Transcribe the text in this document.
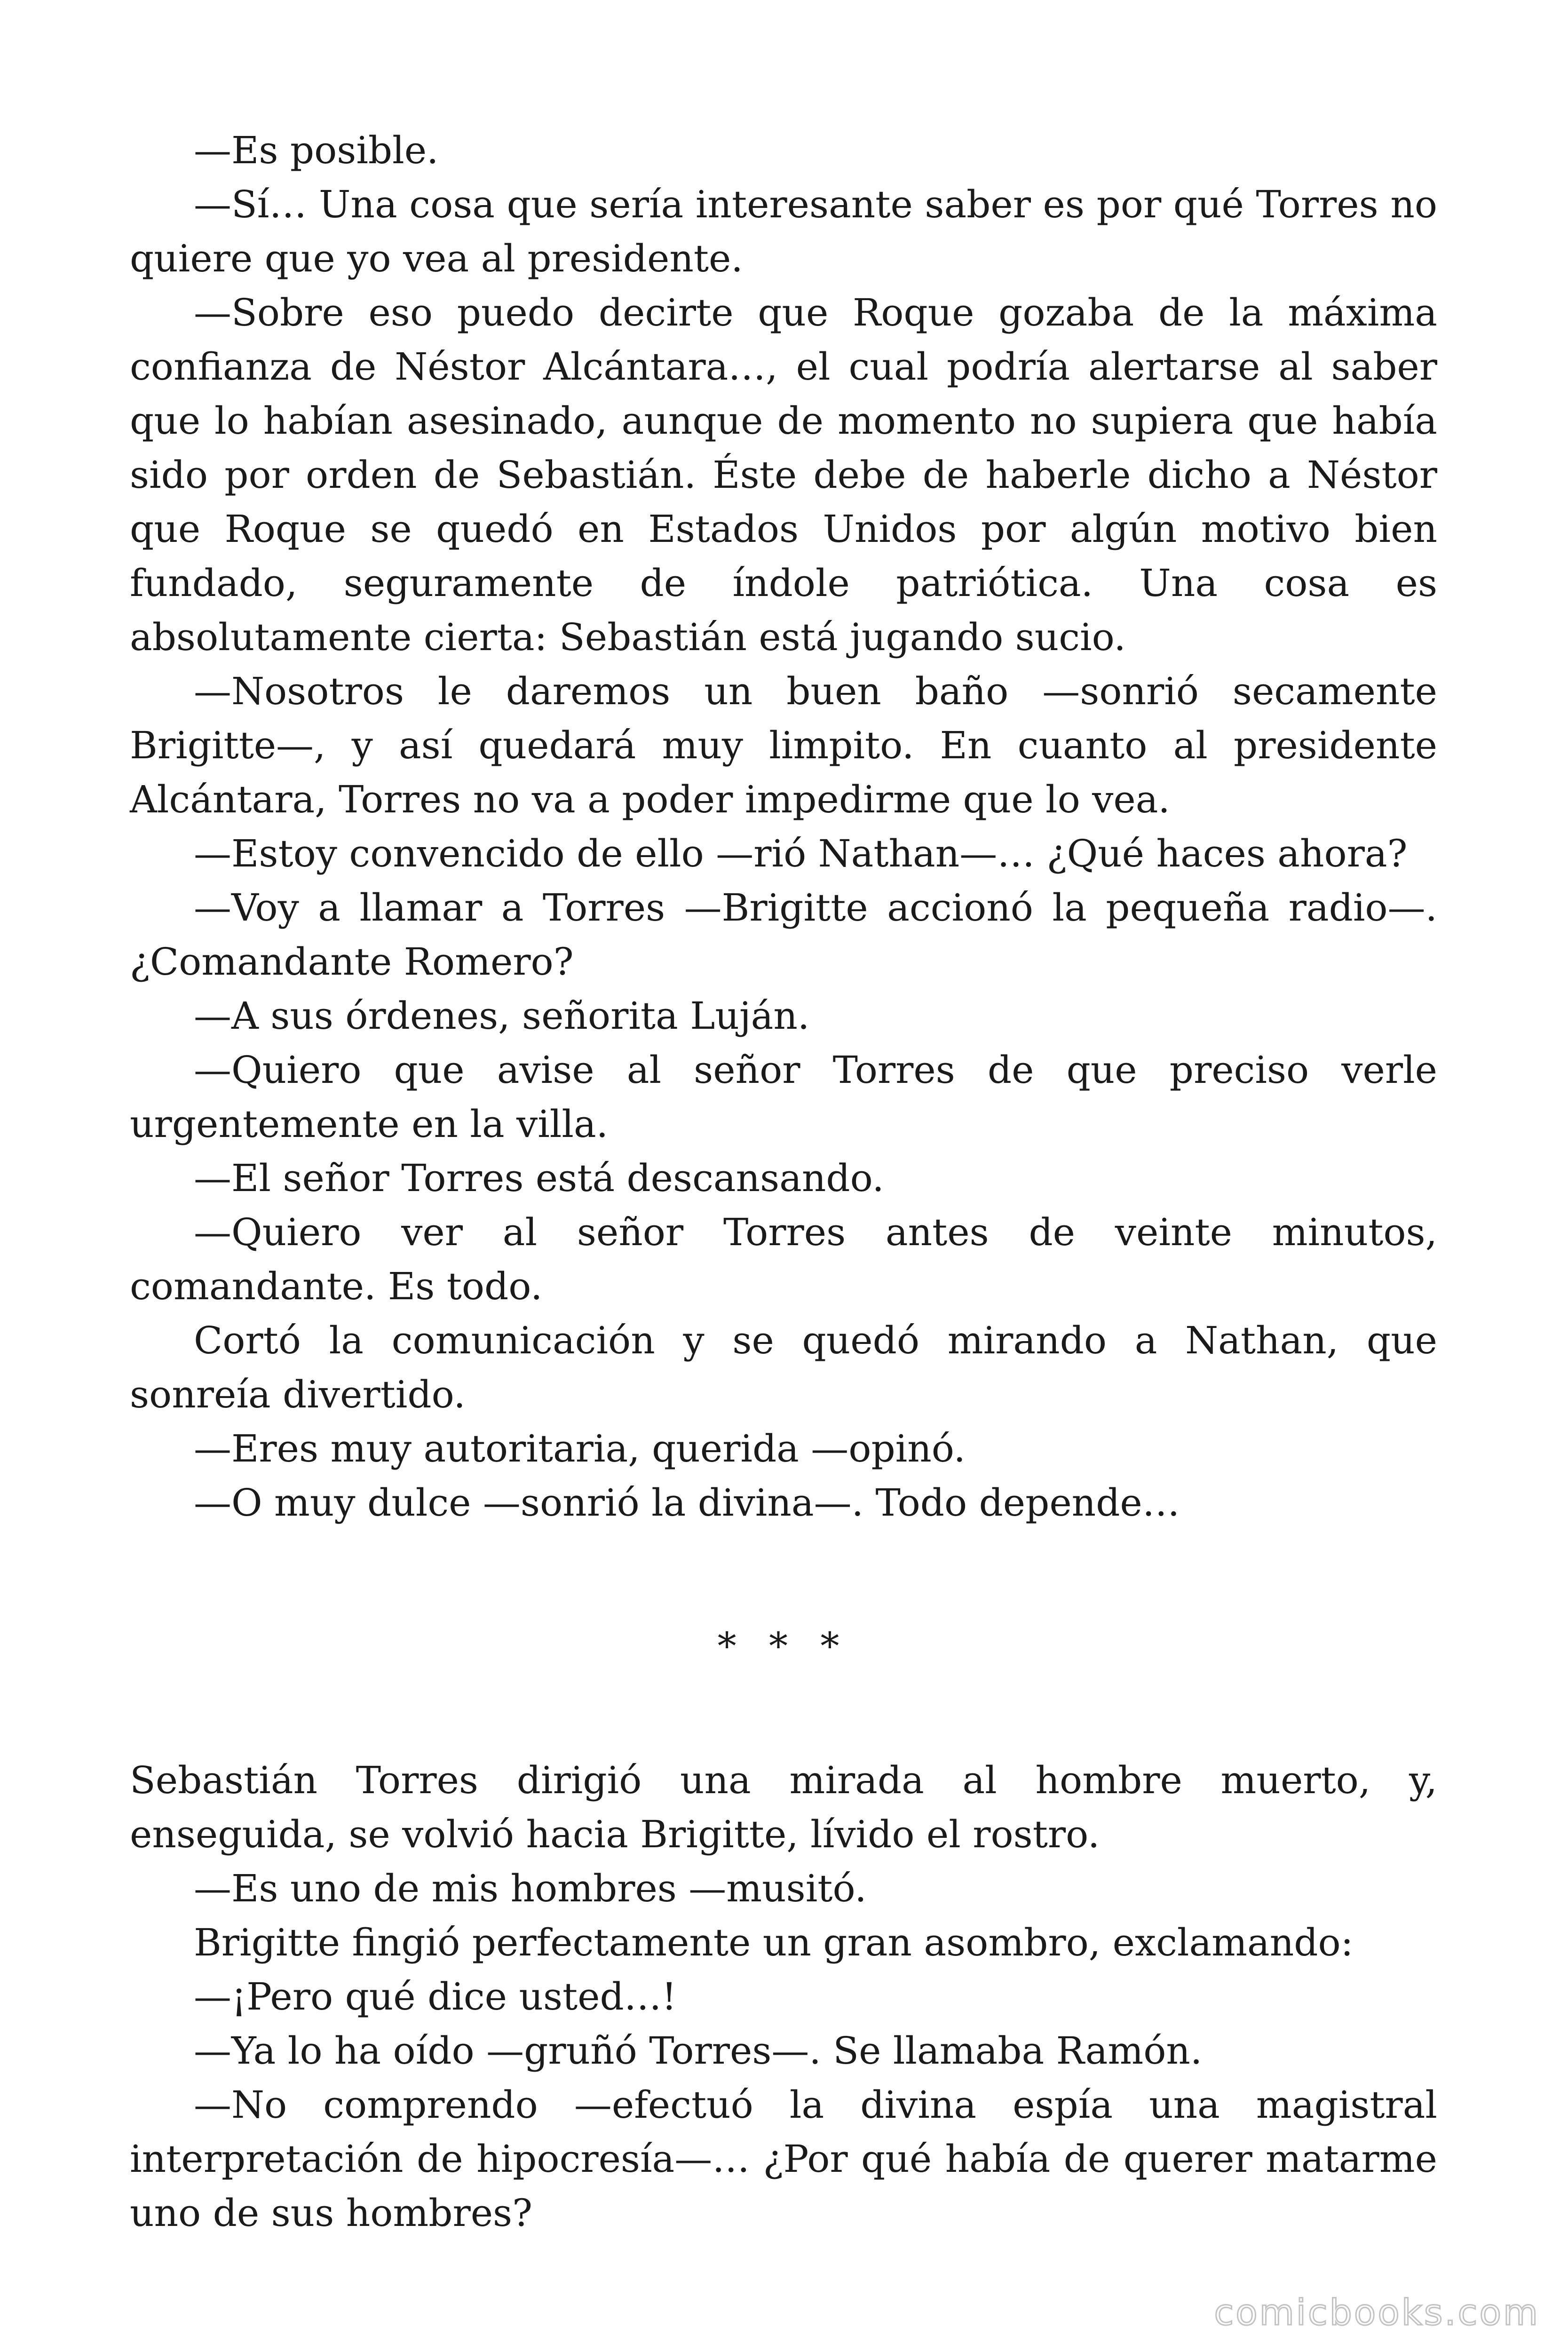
—Es posible.

—Sí… Una cosa que sería interesante saber es por qué Torres no quiere que yo vea al presidente.

—Sobre eso puedo decirte que Roque gozaba de la máxima confianza de Néstor Alcántara…, el cual podría alertarse al saber que lo habían asesinado, aunque de momento no supiera que había sido por orden de Sebastián. Éste debe de haberle dicho a Néstor que Roque se quedó en Estados Unidos por algún motivo bien fundado, seguramente de índole patriótica. Una cosa es absolutamente cierta: Sebastián está jugando sucio.

—Nosotros le daremos un buen baño —sonrió secamente Brigitte—, y así quedará muy limpito. En cuanto al presidente Alcántara, Torres no va a poder impedirme que lo vea.

—Estoy convencido de ello —rió Nathan—… ¿Qué haces ahora?

—Voy a llamar a Torres —Brigitte accionó la pequeña radio—. ¿Comandante Romero?

—A sus órdenes, señorita Luján.

—Quiero que avise al señor Torres de que preciso verle urgentemente en la villa.

—El señor Torres está descansando.

—Quiero ver al señor Torres antes de veinte minutos, comandante. Es todo.

Cortó la comunicación y se quedó mirando a Nathan, que sonreía divertido.

—Eres muy autoritaria, querida —opinó.

—O muy dulce —sonrió la divina—. Todo depende…

* * *

Sebastián Torres dirigió una mirada al hombre muerto, y, enseguida, se volvió hacia Brigitte, lívido el rostro.

—Es uno de mis hombres —musitó.

Brigitte fingió perfectamente un gran asombro, exclamando:

—¡Pero qué dice usted…!

—Ya lo ha oído —gruñó Torres—. Se llamaba Ramón.

—No comprendo —efectuó la divina espía una magistral interpretación de hipocresía—… ¿Por qué había de querer matarme uno de sus hombres?

comicbooks.com
